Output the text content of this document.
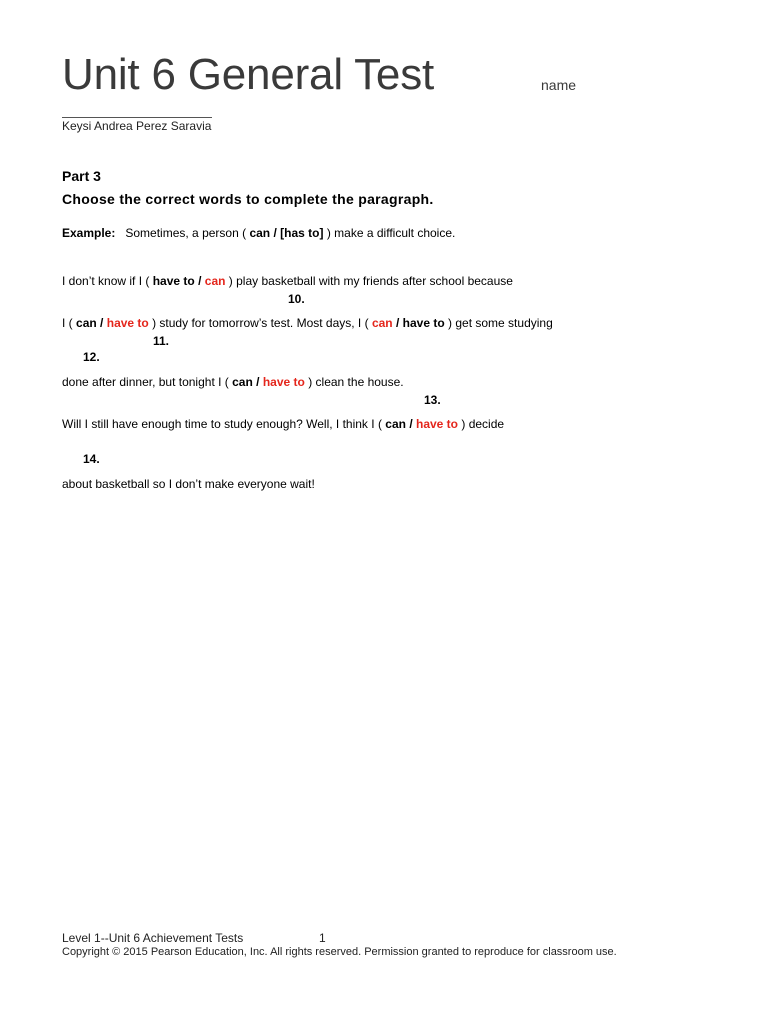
Unit 6 General Test	name
Keysi Andrea Perez Saravia
Part 3
Choose the correct words to complete the paragraph.
Example: Sometimes, a person ( can / [has to] ) make a difficult choice.
I don’t know if I ( have to / can ) play basketball with my friends after school because
10.
I ( can / have to ) study for tomorrow’s test. Most days, I ( can / have to ) get some studying
11.
12.
done after dinner, but tonight I ( can / have to ) clean the house.
13.
Will I still have enough time to study enough? Well, I think I ( can / have to ) decide
14.
about basketball so I don’t make everyone wait!
Level 1--Unit 6 Achievement Tests	1
Copyright © 2015 Pearson Education, Inc. All rights reserved. Permission granted to reproduce for classroom use.
